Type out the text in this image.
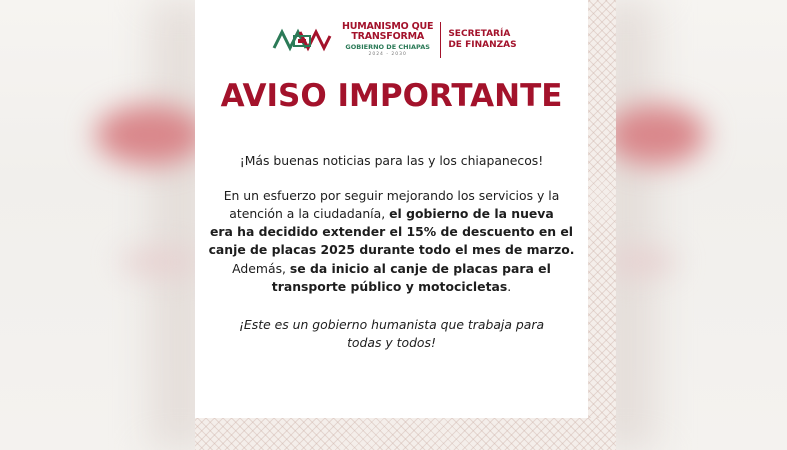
HUMANISMO QUE
TRANSFORMA
GOBIERNO DE CHIAPAS
2024 - 2030
SECRETARÍA
DE FINANZAS
AVISO IMPORTANTE
¡Más buenas noticias para las y los chiapanecos!
En un esfuerzo por seguir mejorando los servicios y la
atención a la ciudadanía, el gobierno de la nueva
era ha decidido extender el 15% de descuento en el
canje de placas 2025 durante todo el mes de marzo.
Además, se da inicio al canje de placas para el
transporte público y motocicletas.
¡Este es un gobierno humanista que trabaja para
todas y todos!
